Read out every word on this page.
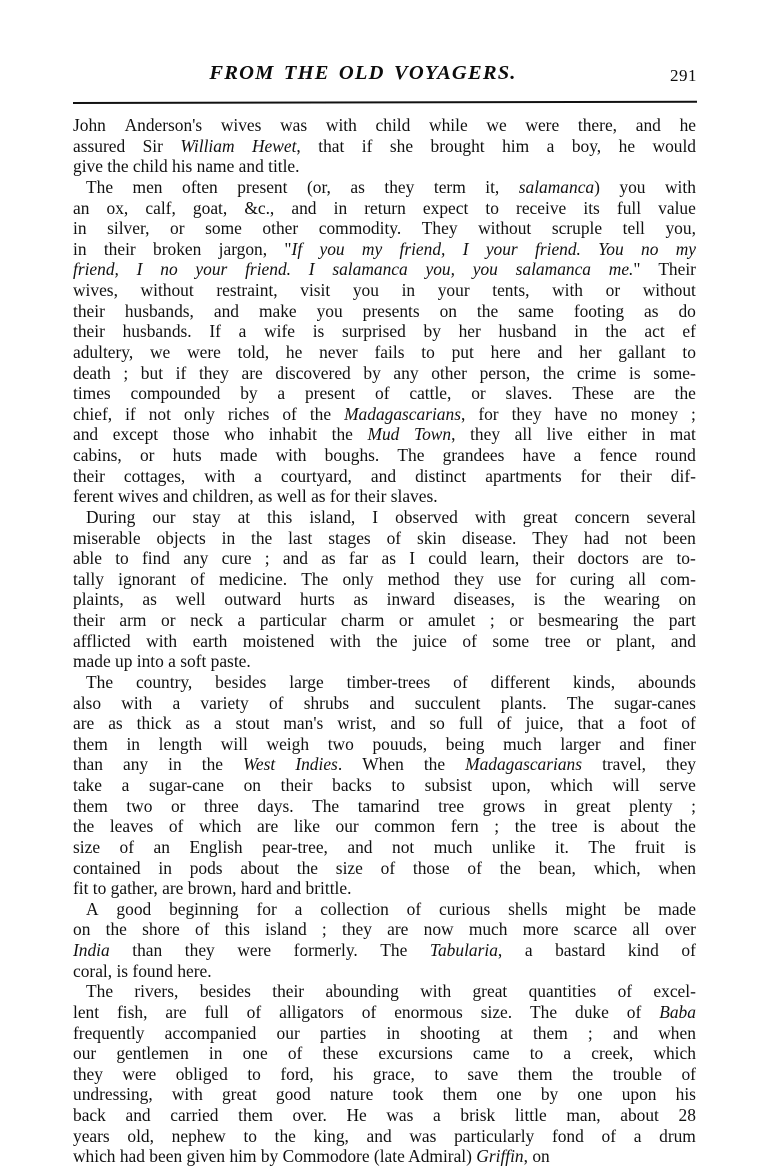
FROM THE OLD VOYAGERS.	291
John Anderson's wives was with child while we were there, and he
assured Sir William Hewet, that if she brought him a boy, he would
give the child his name and title.
The men often present (or, as they term it, salamanca) you with
an ox, calf, goat, &c., and in return expect to receive its full value
in silver, or some other commodity. They without scruple tell you,
in their broken jargon, "If you my friend, I your friend. You no my
friend, I no your friend. I salamanca you, you salamanca me." Their
wives, without restraint, visit you in your tents, with or without
their husbands, and make you presents on the same footing as do
their husbands. If a wife is surprised by her husband in the act ef
adultery, we were told, he never fails to put here and her gallant to
death ; but if they are discovered by any other person, the crime is some-
times compounded by a present of cattle, or slaves. These are the
chief, if not only riches of the Madagascarians, for they have no money ;
and except those who inhabit the Mud Town, they all live either in mat
cabins, or huts made with boughs. The grandees have a fence round
their cottages, with a courtyard, and distinct apartments for their dif-
ferent wives and children, as well as for their slaves.
During our stay at this island, I observed with great concern several
miserable objects in the last stages of skin disease. They had not been
able to find any cure ; and as far as I could learn, their doctors are to-
tally ignorant of medicine. The only method they use for curing all com-
plaints, as well outward hurts as inward diseases, is the wearing on
their arm or neck a particular charm or amulet ; or besmearing the part
afflicted with earth moistened with the juice of some tree or plant, and
made up into a soft paste.
The country, besides large timber-trees of different kinds, abounds
also with a variety of shrubs and succulent plants. The sugar-canes
are as thick as a stout man's wrist, and so full of juice, that a foot of
them in length will weigh two pouuds, being much larger and finer
than any in the West Indies. When the Madagascarians travel, they
take a sugar-cane on their backs to subsist upon, which will serve
them two or three days. The tamarind tree grows in great plenty ;
the leaves of which are like our common fern ; the tree is about the
size of an English pear-tree, and not much unlike it. The fruit is
contained in pods about the size of those of the bean, which, when
fit to gather, are brown, hard and brittle.
A good beginning for a collection of curious shells might be made
on the shore of this island ; they are now much more scarce all over
India than they were formerly. The Tabularia, a bastard kind of
coral, is found here.
The rivers, besides their abounding with great quantities of excel-
lent fish, are full of alligators of enormous size. The duke of Baba
frequently accompanied our parties in shooting at them ; and when
our gentlemen in one of these excursions came to a creek, which
they were obliged to ford, his grace, to save them the trouble of
undressing, with great good nature took them one by one upon his
back and carried them over. He was a brisk little man, about 28
years old, nephew to the king, and was particularly fond of a drum
which had been given him by Commodore (late Admiral) Griffin, on
